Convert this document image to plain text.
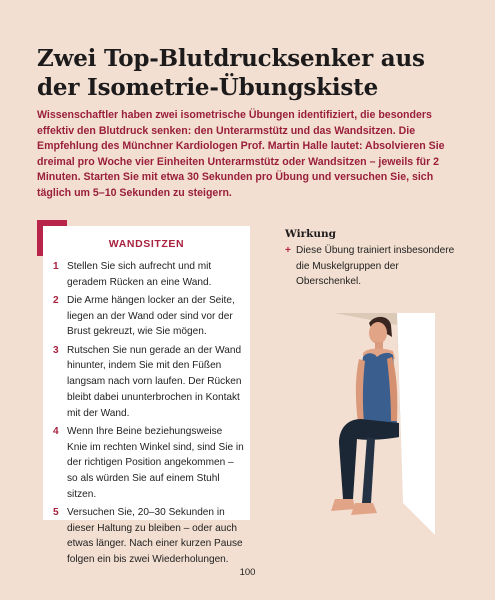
Zwei Top-Blutdrucksenker aus der Isometrie-Übungskiste
Wissenschaftler haben zwei isometrische Übungen identifiziert, die besonders effektiv den Blutdruck senken: den Unterarmstütz und das Wandsitzen. Die Empfehlung des Münchner Kardiologen Prof. Martin Halle lautet: Absolvieren Sie dreimal pro Woche vier Einheiten Unterarmstütz oder Wandsitzen – jeweils für 2 Minuten. Starten Sie mit etwa 30 Sekunden pro Übung und versuchen Sie, sich täglich um 5–10 Sekunden zu steigern.
WANDSITZEN
1 Stellen Sie sich aufrecht und mit geradem Rücken an eine Wand.
2 Die Arme hängen locker an der Seite, liegen an der Wand oder sind vor der Brust gekreuzt, wie Sie mögen.
3 Rutschen Sie nun gerade an der Wand hinunter, indem Sie mit den Füßen langsam nach vorn laufen. Der Rücken bleibt dabei ununterbrochen in Kontakt mit der Wand.
4 Wenn Ihre Beine beziehungsweise Knie im rechten Winkel sind, sind Sie in der richtigen Position angekommen – so als würden Sie auf einem Stuhl sitzen.
5 Versuchen Sie, 20–30 Sekunden in dieser Haltung zu bleiben – oder auch etwas länger. Nach einer kurzen Pause folgen ein bis zwei Wiederholungen.
Wirkung
+ Diese Übung trainiert insbesondere die Muskelgruppen der Oberschenkel.
100
